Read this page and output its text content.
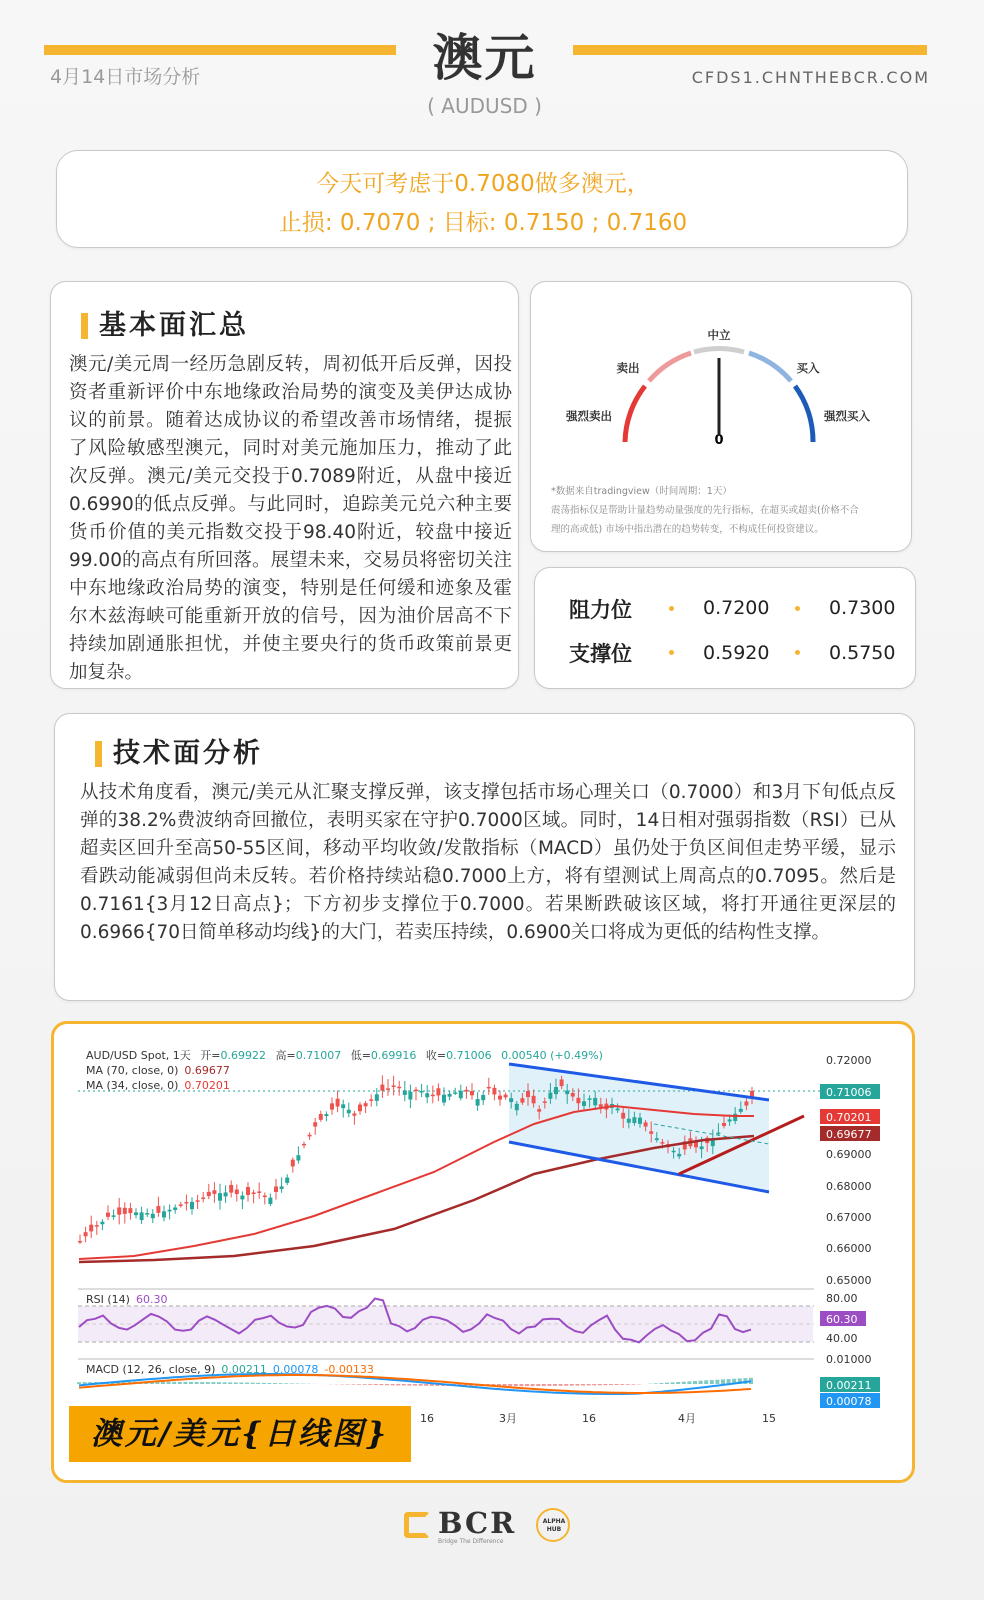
4月14日市场分析	澳元
( AUDUSD )
CFDS1.CHNTHEBCR.COM
今天可考虑于0.7080做多澳元，
止损: 0.7070 ; 目标: 0.7150 ; 0.7160
基本面汇总
澳元/美元周一经历急剧反转，周初低开后反弹，因投资者重新评价中东地缘政治局势的演变及美伊达成协议的前景。随着达成协议的希望改善市场情绪，提振了风险敏感型澳元，同时对美元施加压力，推动了此次反弹。澳元/美元交投于0.7089附近，从盘中接近0.6990的低点反弹。与此同时，追踪美元兑六种主要货币价值的美元指数交投于98.40附近，较盘中接近99.00的高点有所回落。展望未来，交易员将密切关注中东地缘政治局势的演变，特别是任何缓和迹象及霍尔木兹海峡可能重新开放的信号，因为油价居高不下持续加剧通胀担忧，并使主要央行的货币政策前景更加复杂。
中立
卖出	买入
强烈卖出	强烈买入
0
*数据来自tradingview（时间周期：1天）
震荡指标仅是帮助计量趋势动量强度的先行指标，在超买或超卖(价格不合
理的高或低) 市场中指出潜在的趋势转变，不构成任何投资建议。
阻力位	0.7200	0.7300
支撑位	0.5920	0.5750
技术面分析
从技术角度看，澳元/美元从汇聚支撑反弹，该支撑包括市场心理关口（0.7000）和3月下旬低点反弹的38.2%费波纳奇回撤位，表明买家在守护0.7000区域。同时，14日相对强弱指数（RSI）已从超卖区回升至高50-55区间，移动平均收敛/发散指标（MACD）虽仍处于负区间但走势平缓，显示看跌动能减弱但尚未反转。若价格持续站稳0.7000上方，将有望测试上周高点的0.7095。然后是0.7161{3月12日高点}；下方初步支撑位于0.7000。若果断跌破该区域，将打开通往更深层的0.6966{70日简单移动均线}的大门，若卖压持续，0.6900关口将成为更低的结构性支撑。
AUD/USD Spot, 1天 开=0.69922 高=0.71007 低=0.69916 收=0.71006 0.00540 (+0.49%)
MA (70, close, 0) 0.69677
MA (34, close, 0) 0.70201
RSI (14) 60.30
MACD (12, 26, close, 9) 0.00211 0.00078 -0.00133
0.72000
0.69000
0.68000
0.67000
0.66000
0.65000
0.71006
0.70201
0.69677
80.00
60.30
40.00
0.01000
0.00211
0.00078
16	3月	16	4月	15
澳元/美元{日线图}
BCR
Bridge The Difference
ALPHA HUB
